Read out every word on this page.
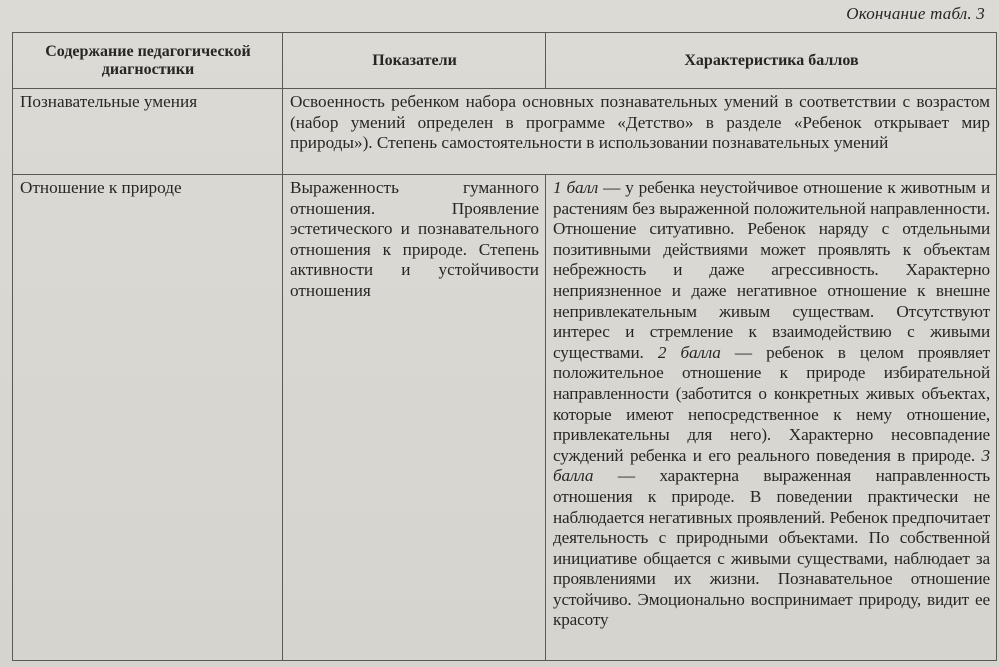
Окончание табл. 3
Содержание педагогической диагностики	Показатели	Характеристика баллов
Познавательные умения	Освоенность ребенком набора основных познавательных умений в соответствии с возрастом (набор умений определен в программе «Детство» в разделе «Ребенок открывает мир природы»). Степень самостоятельности в использовании познавательных умений	
Отношение к природе	Выраженность гуманного отношения. Проявление эстетического и познавательного отношения к природе. Степень активности и устойчивости отношения	1 балл — у ребенка неустойчивое отношение к животным и растениям без выраженной положительной направленности. Отношение ситуативно. Ребенок наряду с отдельными позитивными действиями может проявлять к объектам небрежность и даже агрессивность. Характерно неприязненное и даже негативное отношение к внешне непривлекательным живым существам. Отсутствуют интерес и стремление к взаимодействию с живыми существами. 2 балла — ребенок в целом проявляет положительное отношение к природе избирательной направленности (заботится о конкретных живых объектах, которые имеют непосредственное к нему отношение, привлекательны для него). Характерно несовпадение суждений ребенка и его реального поведения в природе. 3 балла — характерна выраженная направленность отношения к природе. В поведении практически не наблюдается негативных проявлений. Ребенок предпочитает деятельность с природными объектами. По собственной инициативе общается с живыми существами, наблюдает за проявлениями их жизни. Познавательное отношение устойчиво. Эмоционально воспринимает природу, видит ее красоту
